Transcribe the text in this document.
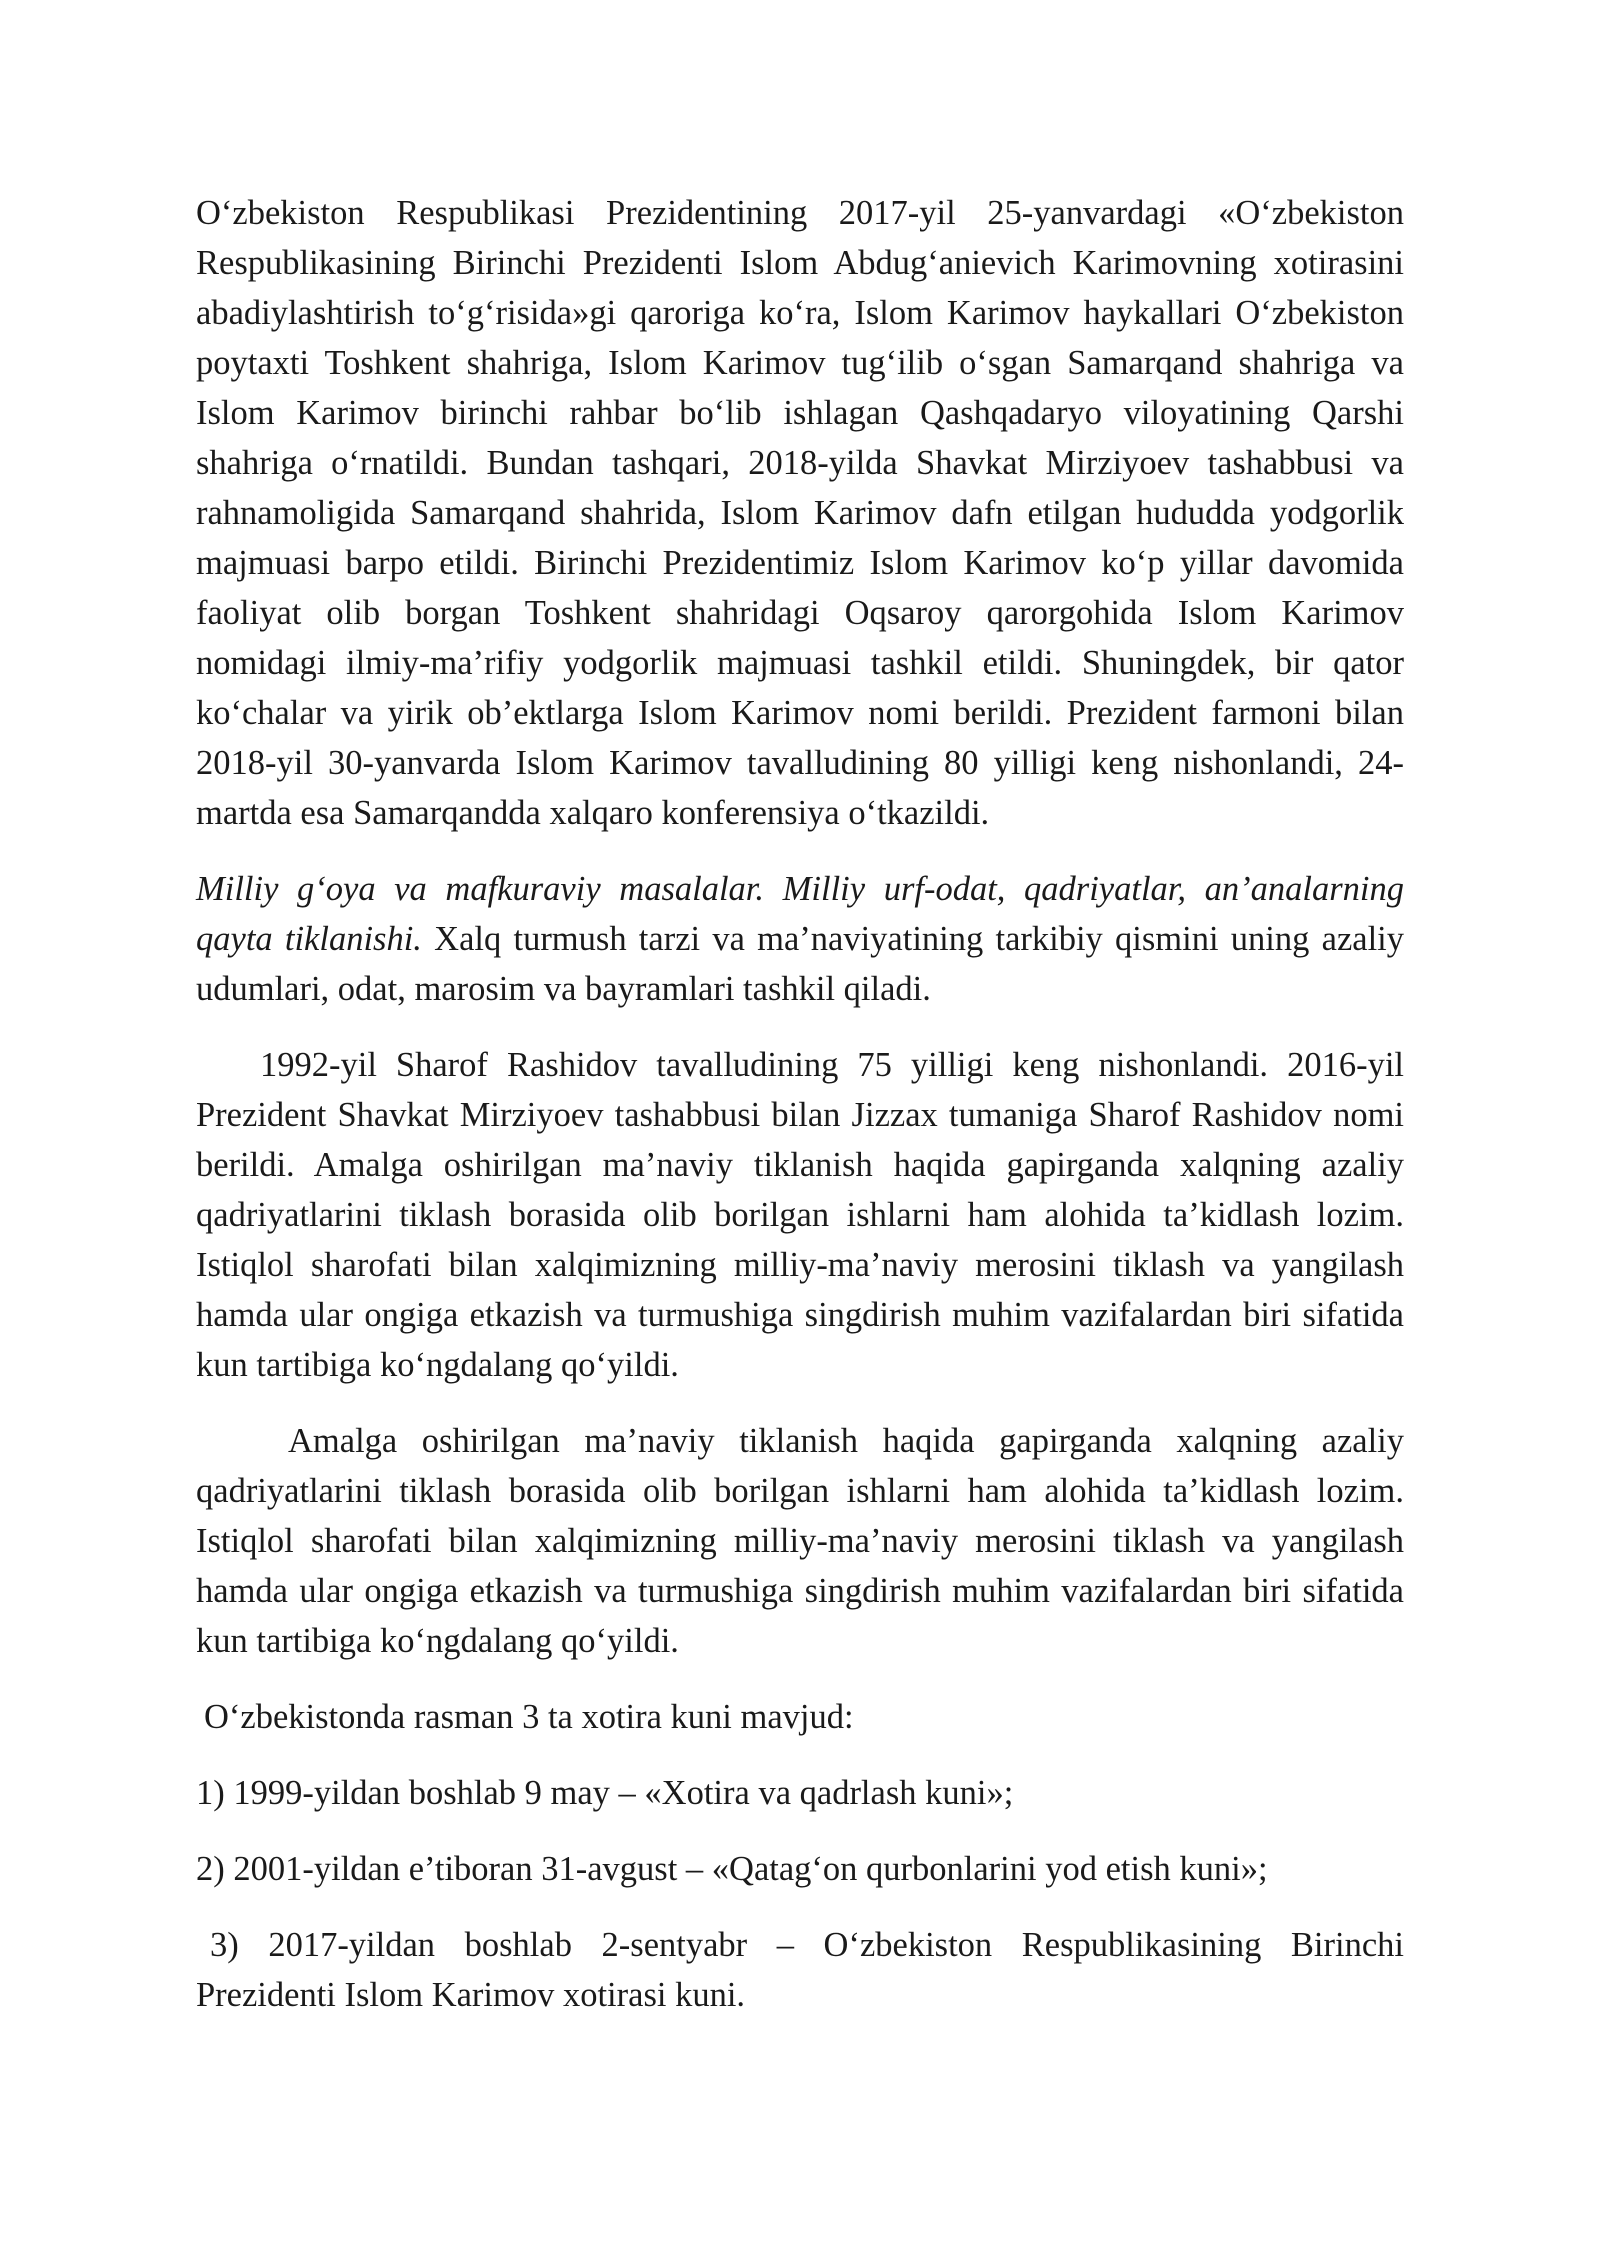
O‘zbekiston Respublikasi Prezidentining 2017-yil 25-yanvardagi «O‘zbekiston Respublikasining Birinchi Prezidenti Islom Abdug‘anievich Karimovning xotirasini abadiylashtirish to‘g‘risida»gi qaroriga ko‘ra, Islom Karimov haykallari O‘zbekiston poytaxti Toshkent shahriga, Islom Karimov tug‘ilib o‘sgan Samarqand shahriga va Islom Karimov birinchi rahbar bo‘lib ishlagan Qashqadaryo viloyatining Qarshi shahriga o‘rnatildi. Bundan tashqari, 2018-yilda Shavkat Mirziyoev tashabbusi va rahnamoligida Samarqand shahrida, Islom Karimov dafn etilgan hududda yodgorlik majmuasi barpo etildi. Birinchi Prezidentimiz Islom Karimov ko‘p yillar davomida faoliyat olib borgan Toshkent shahridagi Oqsaroy qarorgohida Islom Karimov nomidagi ilmiy-ma’rifiy yodgorlik majmuasi tashkil etildi. Shuningdek, bir qator ko‘chalar va yirik ob’ektlarga Islom Karimov nomi berildi. Prezident farmoni bilan 2018-yil 30-yanvarda Islom Karimov tavalludining 80 yilligi keng nishonlandi, 24-martda esa Samarqandda xalqaro konferensiya o‘tkazildi.

Milliy g‘oya va mafkuraviy masalalar. Milliy urf-odat, qadriyatlar, an’analarning qayta tiklanishi. Xalq turmush tarzi va ma’naviyatining tarkibiy qismini uning azaliy udumlari, odat, marosim va bayramlari tashkil qiladi.

1992-yil Sharof Rashidov tavalludining 75 yilligi keng nishonlandi. 2016-yil Prezident Shavkat Mirziyoev tashabbusi bilan Jizzax tumaniga Sharof Rashidov nomi berildi. Amalga oshirilgan ma’naviy tiklanish haqida gapirganda xalqning azaliy qadriyatlarini tiklash borasida olib borilgan ishlarni ham alohida ta’kidlash lozim. Istiqlol sharofati bilan xalqimizning milliy-ma’naviy merosini tiklash va yangilash hamda ular ongiga etkazish va turmushiga singdirish muhim vazifalardan biri sifatida kun tartibiga ko‘ngdalang qo‘yildi.

Amalga oshirilgan ma’naviy tiklanish haqida gapirganda xalqning azaliy qadriyatlarini tiklash borasida olib borilgan ishlarni ham alohida ta’kidlash lozim. Istiqlol sharofati bilan xalqimizning milliy-ma’naviy merosini tiklash va yangilash hamda ular ongiga etkazish va turmushiga singdirish muhim vazifalardan biri sifatida kun tartibiga ko‘ngdalang qo‘yildi.

O‘zbekistonda rasman 3 ta xotira kuni mavjud:

1) 1999-yildan boshlab 9 may – «Xotira va qadrlash kuni»;

2) 2001-yildan e’tiboran 31-avgust – «Qatag‘on qurbonlarini yod etish kuni»;

3) 2017-yildan boshlab 2-sentyabr – O‘zbekiston Respublikasining Birinchi Prezidenti Islom Karimov xotirasi kuni.
